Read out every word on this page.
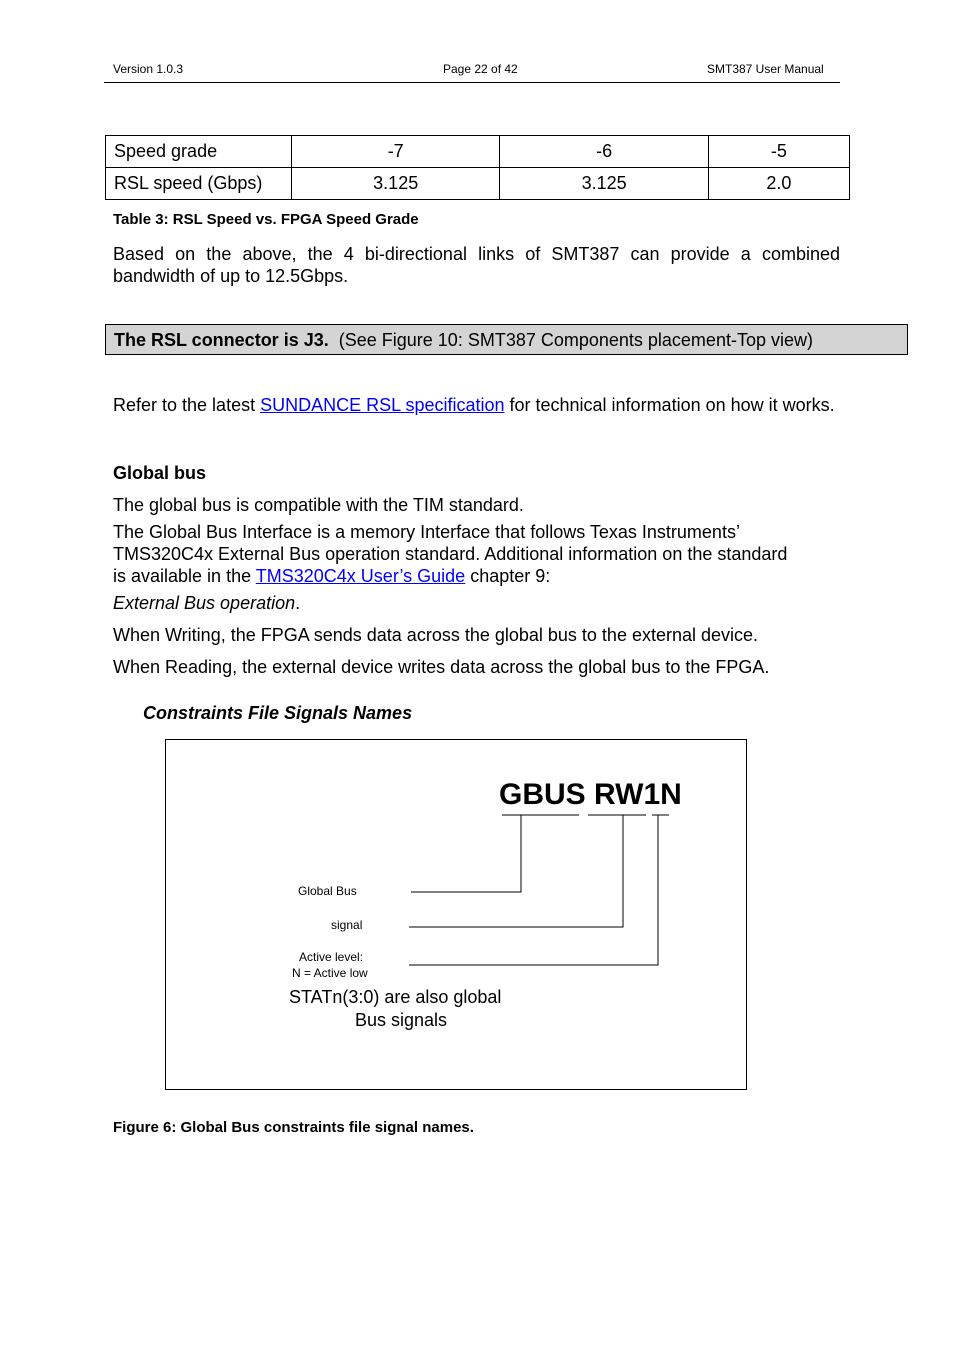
Version 1.0.3	Page 22 of 42	SMT387 User Manual
Speed grade	-7	-6	-5
RSL speed (Gbps)	3.125	3.125	2.0
Table 3: RSL Speed vs. FPGA Speed Grade
Based on the above, the 4 bi-directional links of SMT387 can provide a combined bandwidth of up to 12.5Gbps.
The RSL connector is J3. (See Figure 10: SMT387 Components placement-Top view)
Refer to the latest SUNDANCE RSL specification for technical information on how it works.
Global bus
The global bus is compatible with the TIM standard.
The Global Bus Interface is a memory Interface that follows Texas Instruments’
TMS320C4x External Bus operation standard. Additional information on the standard
is available in the TMS320C4x User’s Guide chapter 9:
External Bus operation.
When Writing, the FPGA sends data across the global bus to the external device.
When Reading, the external device writes data across the global bus to the FPGA.
Constraints File Signals Names
GBUS RW1N
Global Bus
signal
Active level:
N = Active low
STATn(3:0) are also global
Bus signals
Figure 6: Global Bus constraints file signal names.
